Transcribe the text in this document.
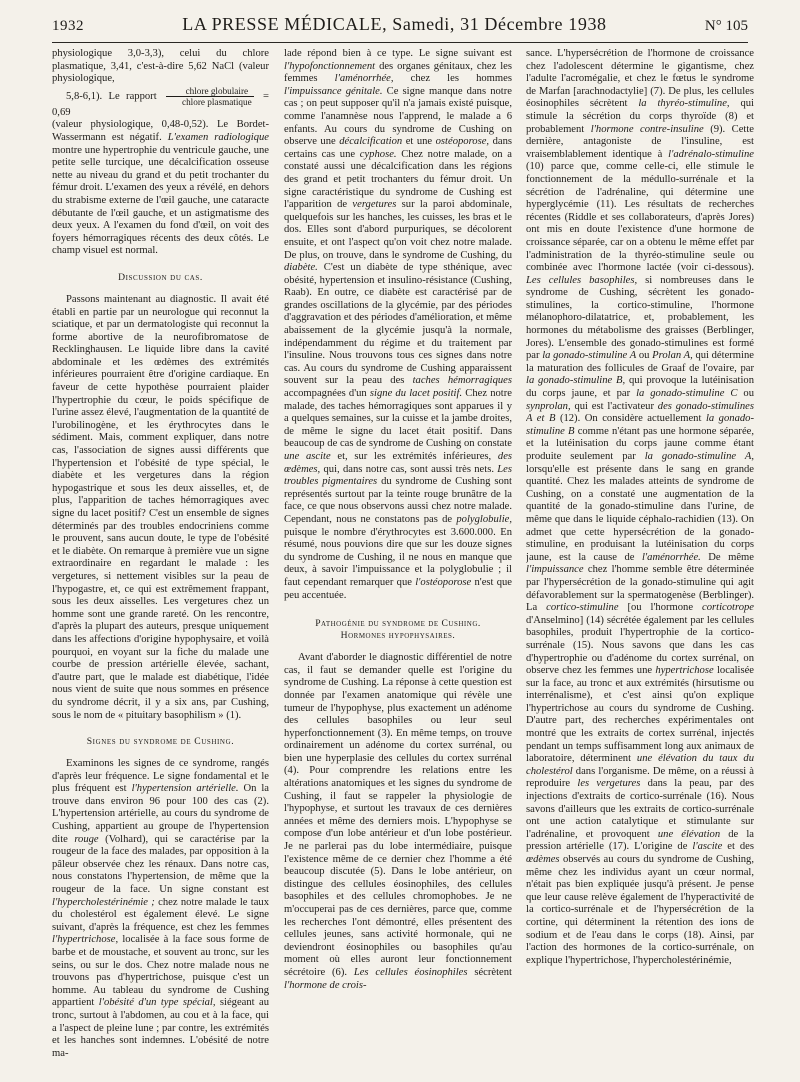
1932	LA PRESSE MÉDICALE, Samedi, 31 Décembre 1938	N° 105

physiologique 3,0-3,3), celui du chlore plasmatique, 3,41, c'est-à-dire 5,62 NaCl (valeur physiologique,

5,8-6,1). Le rapport $\frac{\text{chlore globulaire}}{\text{chlore plasmatique}} = 0,69$

(valeur physiologique, 0,48-0,52). Le Bordet-Wassermann est négatif. L'examen radiologique montre une hypertrophie du ventricule gauche, une petite selle turcique, une décalcification osseuse nette au niveau du grand et du petit trochanter du fémur droit. L'examen des yeux a révélé, en dehors du strabisme externe de l'œil gauche, une cataracte débutante de l'œil gauche, et un astigmatisme des deux yeux. A l'examen du fond d'œil, on voit des foyers hémorragiques récents des deux côtés. Le champ visuel est normal.

Discussion du cas.

Passons maintenant au diagnostic. Il avait été établi en partie par un neurologue qui reconnut la sciatique, et par un dermatologiste qui reconnut la forme abortive de la neurofibromatose de Recklinghausen. Le liquide libre dans la cavité abdominale et les œdèmes des extrémités inférieures pourraient être d'origine cardiaque. En faveur de cette hypothèse pourraient plaider l'hypertrophie du cœur, le poids spécifique de l'urine assez élevé, l'augmentation de la quantité de l'urobilinogène, et les érythrocytes dans le sédiment. Mais, comment expliquer, dans notre cas, l'association de signes aussi différents que l'hypertension et l'obésité de type spécial, le diabète et les vergetures dans la région hypogastrique et sous les deux aisselles, et, de plus, l'apparition de taches hémorragiques avec signe du lacet positif? C'est un ensemble de signes déterminés par des troubles endocriniens comme le prouvent, sans aucun doute, le type de l'obésité et le diabète. On remarque à première vue un signe extraordinaire en regardant le malade : les vergetures, si nettement visibles sur la peau de l'hypogastre, et, ce qui est extrêmement frappant, sous les deux aisselles. Les vergetures chez un homme sont une grande rareté. On les rencontre, d'après la plupart des auteurs, presque uniquement dans les affections d'origine hypophysaire, et voilà pourquoi, en voyant sur la fiche du malade une courbe de pression artérielle élevée, sachant, d'autre part, que le malade est diabétique, l'idée nous vient de suite que nous sommes en présence du syndrome décrit, il y a six ans, par Cushing, sous le nom de « pituitary basophilism » (1).

Signes du syndrome de Cushing.

Examinons les signes de ce syndrome, rangés d'après leur fréquence. Le signe fondamental et le plus fréquent est l'hypertension artérielle. On la trouve dans environ 96 pour 100 des cas (2). L'hypertension artérielle, au cours du syndrome de Cushing, appartient au groupe de l'hypertension dite rouge (Volhard), qui se caractérise par la rougeur de la face des malades, par opposition à la pâleur observée chez les rénaux. Dans notre cas, nous constatons l'hypertension, de même que la rougeur de la face. Un signe constant est l'hypercholestérinémie ; chez notre malade le taux du cholestérol est également élevé. Le signe suivant, d'après la fréquence, est chez les femmes l'hypertrichose, localisée à la face sous forme de barbe et de moustache, et souvent au tronc, sur les seins, ou sur le dos. Chez notre malade nous ne trouvons pas d'hypertrichose, puisque c'est un homme. Au tableau du syndrome de Cushing appartient l'obésité d'un type spécial, siégeant au tronc, surtout à l'abdomen, au cou et à la face, qui a l'aspect de pleine lune ; par contre, les extrémités et les hanches sont indemnes. L'obésité de notre ma-

lade répond bien à ce type. Le signe suivant est l'hypofonctionnement des organes génitaux, chez les femmes l'aménorrhée, chez les hommes l'impuissance génitale. Ce signe manque dans notre cas ; on peut supposer qu'il n'a jamais existé puisque, comme l'anamnèse nous l'apprend, le malade a 6 enfants. Au cours du syndrome de Cushing on observe une décalcification et une ostéoporose, dans certains cas une cyphose. Chez notre malade, on a constaté aussi une décalcification dans les régions des grand et petit trochanters du fémur droit. Un signe caractéristique du syndrome de Cushing est l'apparition de vergetures sur la paroi abdominale, quelquefois sur les hanches, les cuisses, les bras et le dos. Elles sont d'abord purpuriques, se décolorent ensuite, et ont l'aspect qu'on voit chez notre malade. De plus, on trouve, dans le syndrome de Cushing, du diabète. C'est un diabète de type sthénique, avec obésité, hypertension et insulino-résistance (Cushing, Raab). En outre, ce diabète est caractérisé par de grandes oscillations de la glycémie, par des périodes d'aggravation et des périodes d'amélioration, et même abaissement de la glycémie jusqu'à la normale, indépendamment du régime et du traitement par l'insuline. Nous trouvons tous ces signes dans notre cas. Au cours du syndrome de Cushing apparaissent souvent sur la peau des taches hémorragiques accompagnées d'un signe du lacet positif. Chez notre malade, des taches hémorragiques sont apparues il y a quelques semaines, sur la cuisse et la jambe droites, de même le signe du lacet était positif. Dans beaucoup de cas de syndrome de Cushing on constate une ascite et, sur les extrémités inférieures, des œdèmes, qui, dans notre cas, sont aussi très nets. Les troubles pigmentaires du syndrome de Cushing sont représentés surtout par la teinte rouge brunâtre de la face, ce que nous observons aussi chez notre malade. Cependant, nous ne constatons pas de polyglobulie, puisque le nombre d'érythrocytes est 3.600.000. En résumé, nous pouvions dire que sur les douze signes du syndrome de Cushing, il ne nous en manque que deux, à savoir l'impuissance et la polyglobulie ; il faut cependant remarquer que l'ostéoporose n'est que peu accentuée.

Pathogénie du syndrome de Cushing.
Hormones hypophysaires.

Avant d'aborder le diagnostic différentiel de notre cas, il faut se demander quelle est l'origine du syndrome de Cushing. La réponse à cette question est donnée par l'examen anatomique qui révèle une tumeur de l'hypophyse, plus exactement un adénome des cellules basophiles ou leur seul hyperfonctionnement (3). En même temps, on trouve ordinairement un adénome du cortex surrénal, ou bien une hyperplasie des cellules du cortex surrénal (4). Pour comprendre les relations entre les altérations anatomiques et les signes du syndrome de Cushing, il faut se rappeler la physiologie de l'hypophyse, et surtout les travaux de ces dernières années et même des derniers mois. L'hypophyse se compose d'un lobe antérieur et d'un lobe postérieur. Je ne parlerai pas du lobe intermédiaire, puisque l'existence même de ce dernier chez l'homme a été beaucoup discutée (5). Dans le lobe antérieur, on distingue des cellules éosinophiles, des cellules basophiles et des cellules chromophobes. Je ne m'occuperai pas de ces dernières, parce que, comme les recherches l'ont démontré, elles présentent des cellules jeunes, sans activité hormonale, qui ne deviendront éosinophiles ou basophiles qu'au moment où elles auront leur fonctionnement sécrétoire (6). Les cellules éosinophiles sécrètent l'hormone de crois-

sance. L'hypersécrétion de l'hormone de croissance chez l'adolescent détermine le gigantisme, chez l'adulte l'acromégalie, et chez le fœtus le syndrome de Marfan [arachnodactylie] (7). De plus, les cellules éosinophiles sécrètent la thyréo-stimuline, qui stimule la sécrétion du corps thyroïde (8) et probablement l'hormone contre-insuline (9). Cette dernière, antagoniste de l'insuline, est vraisemblablement identique à l'adrénalo-stimuline (10) parce que, comme celle-ci, elle stimule le fonctionnement de la médullo-surrénale et la sécrétion de l'adrénaline, qui détermine une hyperglycémie (11). Les résultats de recherches récentes (Riddle et ses collaborateurs, d'après Jores) ont mis en doute l'existence d'une hormone de croissance séparée, car on a obtenu le même effet par l'administration de la thyréo-stimuline seule ou combinée avec l'hormone lactée (voir ci-dessous). Les cellules basophiles, si nombreuses dans le syndrome de Cushing, sécrètent les gonado-stimulines, la cortico-stimuline, l'hormone mélanophoro-dilatatrice, et, probablement, les hormones du métabolisme des graisses (Berblinger, Jores). L'ensemble des gonado-stimulines est formé par la gonado-stimuline A ou Prolan A, qui détermine la maturation des follicules de Graaf de l'ovaire, par la gonado-stimuline B, qui provoque la lutéinisation du corps jaune, et par la gonado-stimuline C ou synprolan, qui est l'activateur des gonado-stimulines A et B (12). On considère actuellement la gonado-stimuline B comme n'étant pas une hormone séparée, et la lutéinisation du corps jaune comme étant produite seulement par la gonado-stimuline A, lorsqu'elle est présente dans le sang en grande quantité. Chez les malades atteints de syndrome de Cushing, on a constaté une augmentation de la quantité de la gonado-stimuline dans l'urine, de même que dans le liquide céphalo-rachidien (13). On admet que cette hypersécrétion de la gonado-stimuline, en produisant la lutéinisation du corps jaune, est la cause de l'aménorrhée. De même l'impuissance chez l'homme semble être déterminée par l'hypersécrétion de la gonado-stimuline qui agit défavorablement sur la spermatogenèse (Berblinger). La cortico-stimuline [ou l'hormone corticotrope d'Anselmino] (14) sécrétée également par les cellules basophiles, produit l'hypertrophie de la cortico-surrénale (15). Nous savons que dans les cas d'hypertrophie ou d'adénome du cortex surrénal, on observe chez les femmes une hypertrichose localisée sur la face, au tronc et aux extrémités (hirsutisme ou interrénalisme), et c'est ainsi qu'on explique l'hypertrichose au cours du syndrome de Cushing. D'autre part, des recherches expérimentales ont montré que les extraits de cortex surrénal, injectés pendant un temps suffisamment long aux animaux de laboratoire, déterminent une élévation du taux du cholestérol dans l'organisme. De même, on a réussi à reproduire les vergetures dans la peau, par des injections d'extraits de cortico-surrénale (16). Nous savons d'ailleurs que les extraits de cortico-surrénale ont une action catalytique et stimulante sur l'adrénaline, et provoquent une élévation de la pression artérielle (17). L'origine de l'ascite et des œdèmes observés au cours du syndrome de Cushing, même chez les individus ayant un cœur normal, n'était pas bien expliquée jusqu'à présent. Je pense que leur cause relève également de l'hyperactivité de la cortico-surrénale et de l'hypersécrétion de la cortine, qui déterminent la rétention des ions de sodium et de l'eau dans le corps (18). Ainsi, par l'action des hormones de la cortico-surrénale, on explique l'hypertrichose, l'hypercholestérinémie,
